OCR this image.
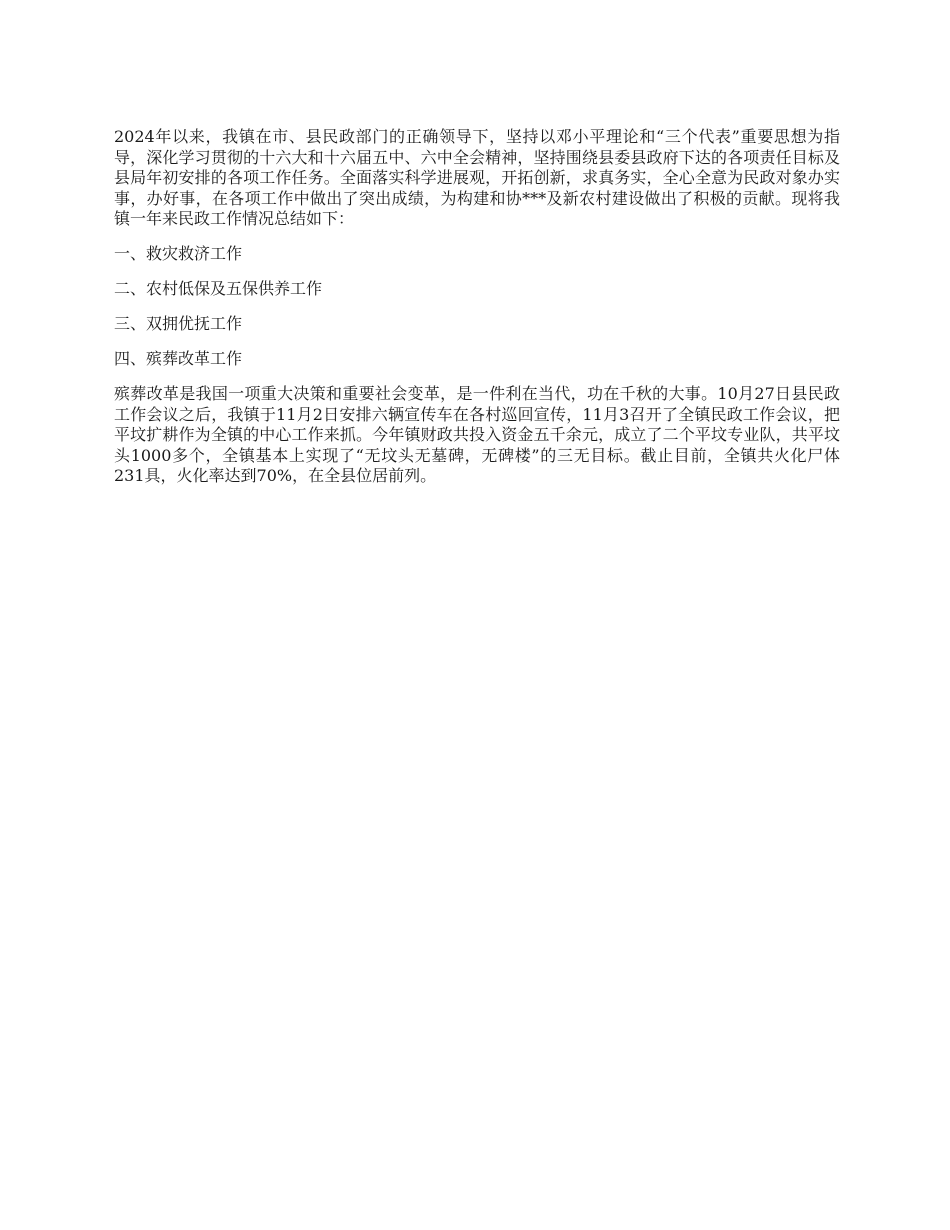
2024年以来，我镇在市、县民政部门的正确领导下，坚持以邓小平理论和“三个代表”重要思想为指导，深化学习贯彻的十六大和十六届五中、六中全会精神，坚持围绕县委县政府下达的各项责任目标及县局年初安排的各项工作任务。全面落实科学进展观，开拓创新，求真务实，全心全意为民政对象办实事，办好事，在各项工作中做出了突出成绩，为构建和协***及新农村建设做出了积极的贡献。现将我镇一年来民政工作情况总结如下：

一、救灾救济工作

二、农村低保及五保供养工作

三、双拥优抚工作

四、殡葬改革工作

殡葬改革是我国一项重大决策和重要社会变革，是一件利在当代，功在千秋的大事。10月27日县民政工作会议之后，我镇于11月2日安排六辆宣传车在各村巡回宣传，11月3召开了全镇民政工作会议，把平坟扩耕作为全镇的中心工作来抓。今年镇财政共投入资金五千余元，成立了二个平坟专业队，共平坟头1000多个，全镇基本上实现了“无坟头无墓碑，无碑楼”的三无目标。截止目前，全镇共火化尸体231具，火化率达到70%，在全县位居前列。
